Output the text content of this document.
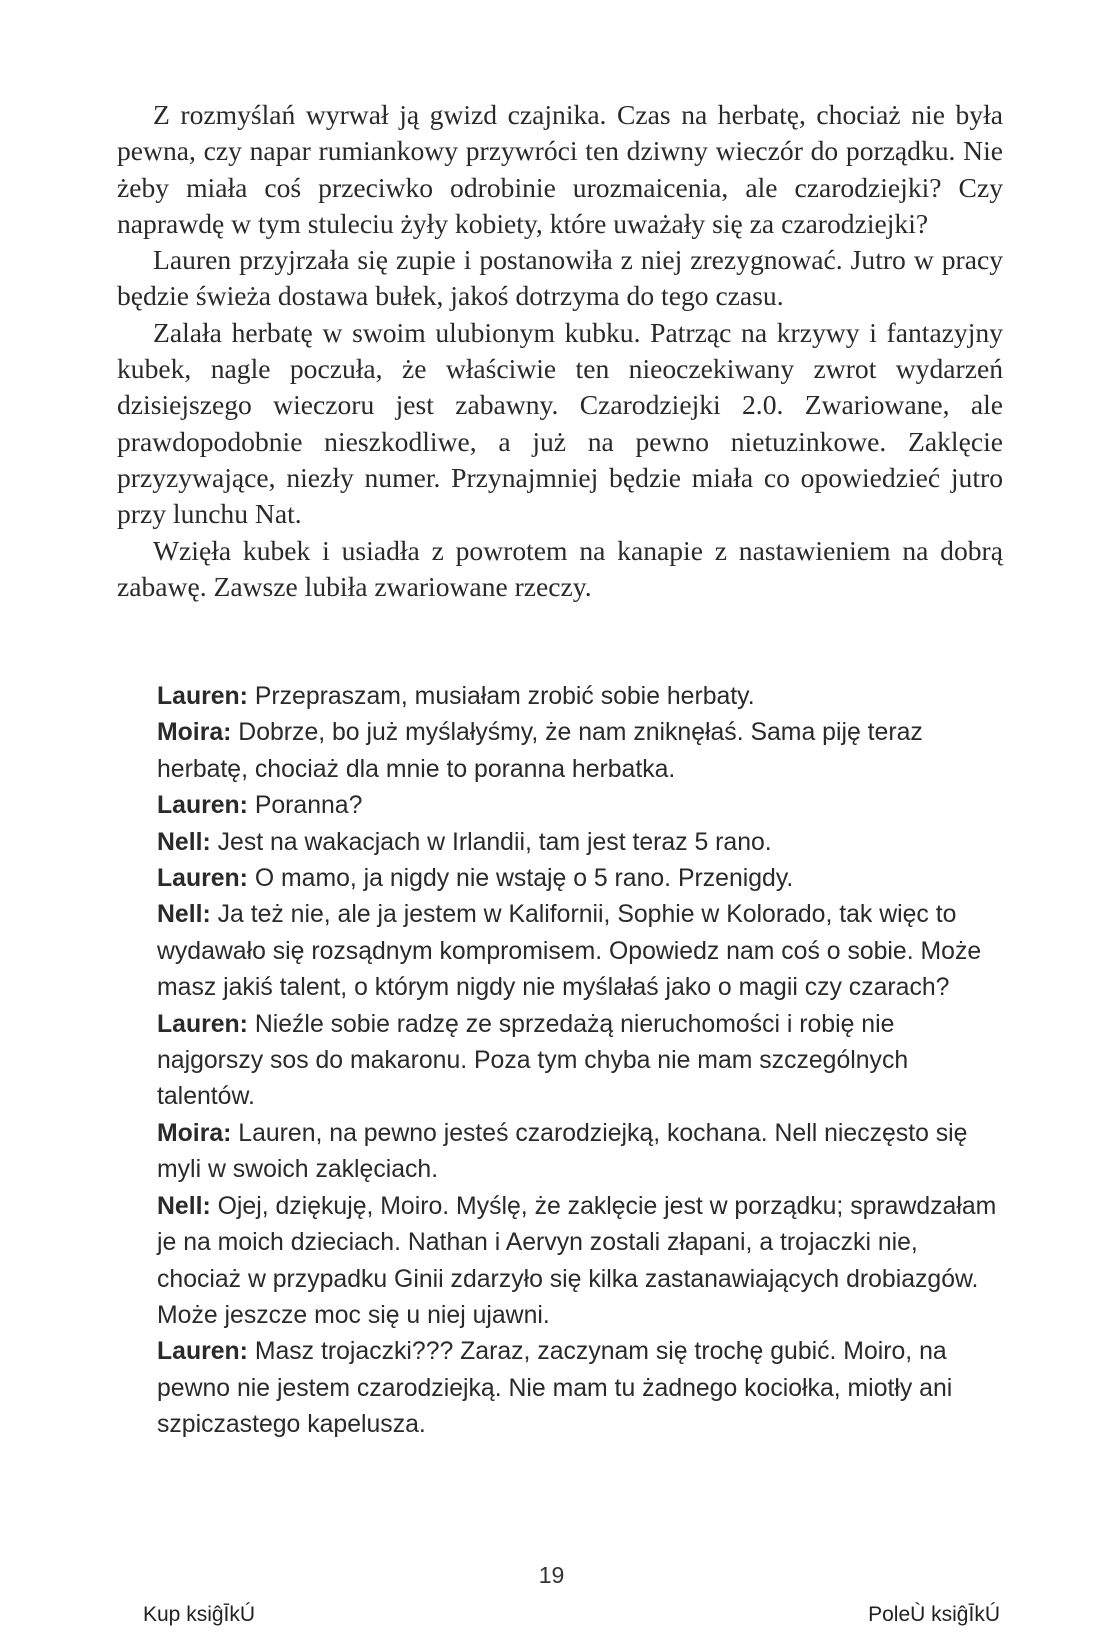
Z rozmyślań wyrwał ją gwizd czajnika. Czas na herbatę, chociaż nie była pewna, czy napar rumiankowy przywróci ten dziwny wieczór do porządku. Nie żeby miała coś przeciwko odrobinie urozmaicenia, ale czarodziejki? Czy naprawdę w tym stuleciu żyły kobiety, które uważały się za czarodziejki?

Lauren przyjrzała się zupie i postanowiła z niej zrezygnować. Jutro w pracy będzie świeża dostawa bułek, jakoś dotrzyma do tego czasu.

Zalała herbatę w swoim ulubionym kubku. Patrząc na krzywy i fantazyjny kubek, nagle poczuła, że właściwie ten nieoczekiwany zwrot wydarzeń dzisiejszego wieczoru jest zabawny. Czarodziejki 2.0. Zwariowane, ale prawdopodobnie nieszkodliwe, a już na pewno nietuzinkowe. Zaklęcie przyzywające, niezły numer. Przynajmniej będzie miała co opowiedzieć jutro przy lunchu Nat.

Wzięła kubek i usiadła z powrotem na kanapie z nastawieniem na dobrą zabawę. Zawsze lubiła zwariowane rzeczy.

Lauren: Przepraszam, musiałam zrobić sobie herbaty.

Moira: Dobrze, bo już myślałyśmy, że nam zniknęłaś. Sama piję teraz herbatę, chociaż dla mnie to poranna herbatka.

Lauren: Poranna?

Nell: Jest na wakacjach w Irlandii, tam jest teraz 5 rano.

Lauren: O mamo, ja nigdy nie wstaję o 5 rano. Przenigdy.

Nell: Ja też nie, ale ja jestem w Kalifornii, Sophie w Kolorado, tak więc to wydawało się rozsądnym kompromisem. Opowiedz nam coś o sobie. Może masz jakiś talent, o którym nigdy nie myślałaś jako o magii czy czarach?

Lauren: Nieźle sobie radzę ze sprzedażą nieruchomości i robię nie najgorszy sos do makaronu. Poza tym chyba nie mam szczególnych talentów.

Moira: Lauren, na pewno jesteś czarodziejką, kochana. Nell nieczęsto się myli w swoich zaklęciach.

Nell: Ojej, dziękuję, Moiro. Myślę, że zaklęcie jest w porządku; sprawdzałam je na moich dzieciach. Nathan i Aervyn zostali złapani, a trojaczki nie, chociaż w przypadku Ginii zdarzyło się kilka zastanawiających drobiazgów. Może jeszcze moc się u niej ujawni.

Lauren: Masz trojaczki??? Zaraz, zaczynam się trochę gubić. Moiro, na pewno nie jestem czarodziejką. Nie mam tu żadnego kociołka, miotły ani szpiczastego kapelusza.

19
Kup ksiĝĪkÚ	PoleÙ ksiĝĪkÚ
